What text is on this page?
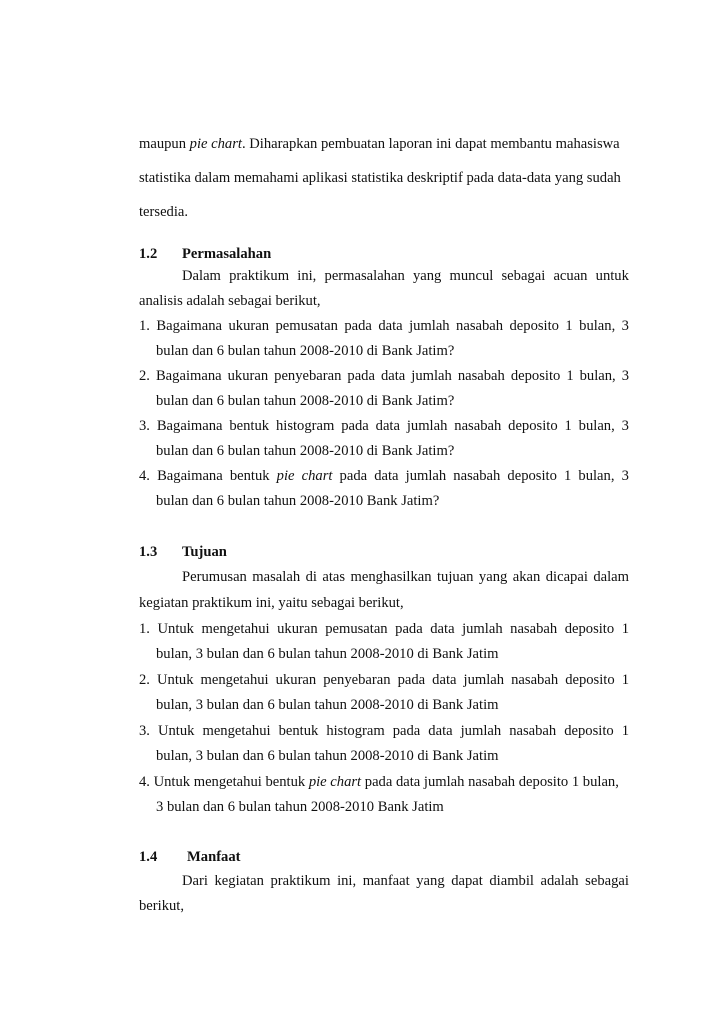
maupun pie chart. Diharapkan pembuatan laporan ini dapat membantu mahasiswa
statistika dalam memahami aplikasi statistika deskriptif pada data-data yang sudah
tersedia.
1.2 Permasalahan
Dalam praktikum ini, permasalahan yang muncul sebagai acuan untuk
analisis adalah sebagai berikut,
1. Bagaimana ukuran pemusatan pada data jumlah nasabah deposito 1 bulan, 3
bulan dan 6 bulan tahun 2008-2010 di Bank Jatim?
2. Bagaimana ukuran penyebaran pada data jumlah nasabah deposito 1 bulan, 3
bulan dan 6 bulan tahun 2008-2010 di Bank Jatim?
3. Bagaimana bentuk histogram pada data jumlah nasabah deposito 1 bulan, 3
bulan dan 6 bulan tahun 2008-2010 di Bank Jatim?
4. Bagaimana bentuk pie chart pada data jumlah nasabah deposito 1 bulan, 3
bulan dan 6 bulan tahun 2008-2010 Bank Jatim?
1.3 Tujuan
Perumusan masalah di atas menghasilkan tujuan yang akan dicapai dalam
kegiatan praktikum ini, yaitu sebagai berikut,
1. Untuk mengetahui ukuran pemusatan pada data jumlah nasabah deposito 1
bulan, 3 bulan dan 6 bulan tahun 2008-2010 di Bank Jatim
2. Untuk mengetahui ukuran penyebaran pada data jumlah nasabah deposito 1
bulan, 3 bulan dan 6 bulan tahun 2008-2010 di Bank Jatim
3. Untuk mengetahui bentuk histogram pada data jumlah nasabah deposito 1
bulan, 3 bulan dan 6 bulan tahun 2008-2010 di Bank Jatim
4. Untuk mengetahui bentuk pie chart pada data jumlah nasabah deposito 1 bulan,
3 bulan dan 6 bulan tahun 2008-2010 Bank Jatim
1.4 Manfaat
Dari kegiatan praktikum ini, manfaat yang dapat diambil adalah sebagai
berikut,
